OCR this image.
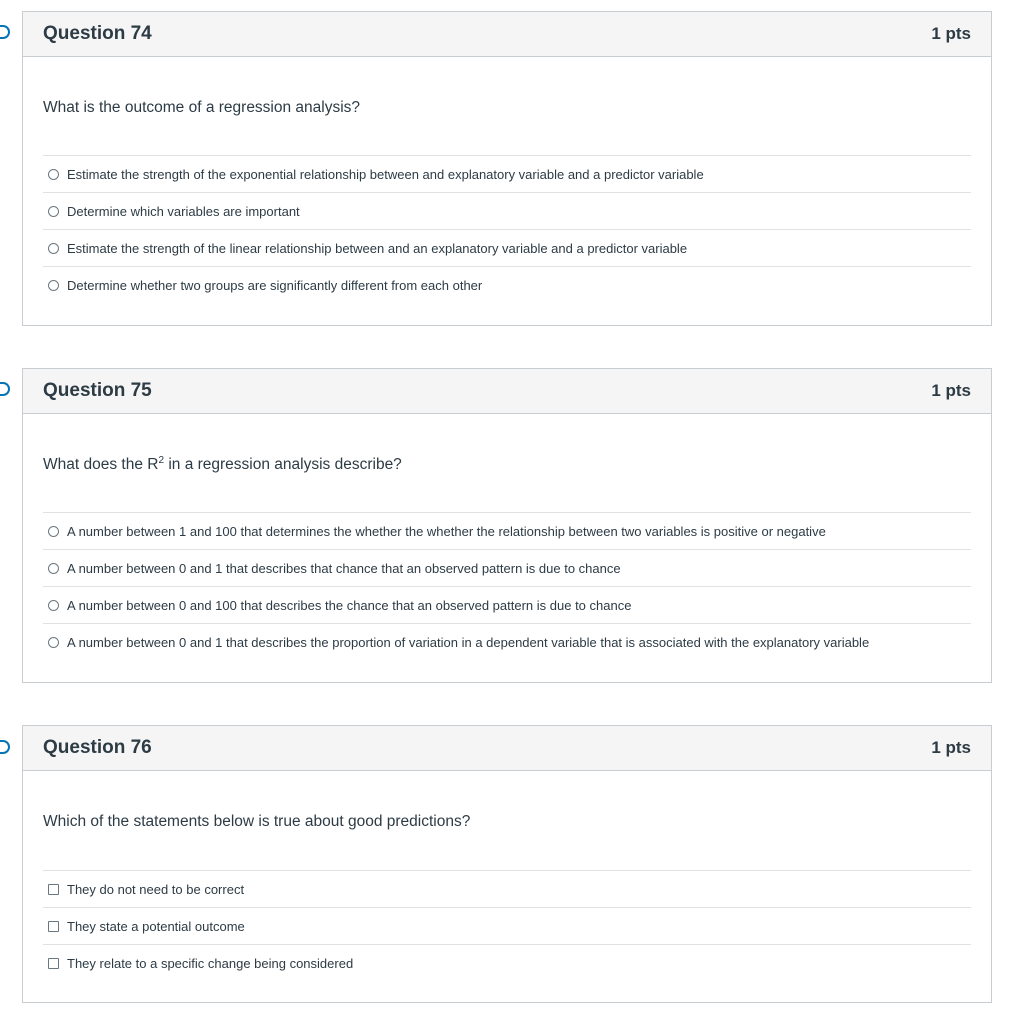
Question 74	1 pts
What is the outcome of a regression analysis?
Estimate the strength of the exponential relationship between and explanatory variable and a predictor variable
Determine which variables are important
Estimate the strength of the linear relationship between and an explanatory variable and a predictor variable
Determine whether two groups are significantly different from each other
Question 75	1 pts
What does the $R^2$ in a regression analysis describe?
A number between 1 and 100 that determines the whether the whether the relationship between two variables is positive or negative
A number between 0 and 1 that describes that chance that an observed pattern is due to chance
A number between 0 and 100 that describes the chance that an observed pattern is due to chance
A number between 0 and 1 that describes the proportion of variation in a dependent variable that is associated with the explanatory variable
Question 76	1 pts
Which of the statements below is true about good predictions?
They do not need to be correct
They state a potential outcome
They relate to a specific change being considered
